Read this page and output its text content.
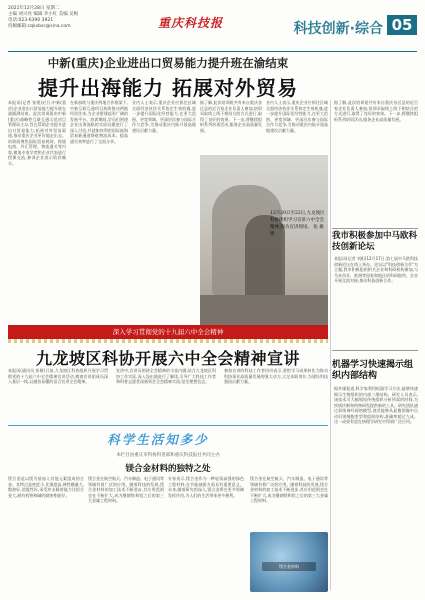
2021年12月28日 星期二
主编 刘兴亮 编辑 李小红 美编 吴梅
电话:023-6390 3921
投稿邮箱:cqkxbsc@sina.com	重庆科技报	科技创新·综合 05
中新(重庆)企业进出口贸易能力提升班在渝结束
提升出海能力 拓展对外贸易
本报讯(记者 张建)近日,中新(重庆)企业进出口贸易能力提升班在渝圆满结束。此次培训班由中新(重庆)战略性互联互通示范项目管理局主办,旨在帮助企业提升进出口贸易能力,拓展对外贸易渠道,推动重庆企业更好地走出去。培训班聚焦国际贸易规则、跨境电商、外汇管理、物流通关等内容,邀请专家学者和企业代表进行授课交流,参训企业表示收获颇丰。
在新加坡与重庆两地合作框架下,中新互联互通项目持续推动两地经贸往来,为企业搭建起更广阔的发展平台。培训期间,学员们围绕企业出海面临的实际问题进行了深入讨论,并就如何利用国际陆海贸易新通道降低物流成本、提高通关效率进行了交流分享。
业内人士表示,重庆企业应抓住区域全面经济伙伴关系协定生效机遇,进一步提升国际化经营能力,在更大范围、更宽领域、更深层次参与国际合作与竞争,为推动重庆内陆开放高地建设贡献力量。
据了解,此次培训班共有来自重庆各区县的近百家企业负责人参加,培训采取线上线下相结合的方式进行,取得了良好的效果。下一步,将继续组织系列培训活动,服务企业高质量发展。
业内人士表示,重庆企业应抓住区域全面经济伙伴关系协定生效机遇,进一步提升国际化经营能力,在更大范围、更宽领域、更深层次参与国际合作与竞争,为推动重庆内陆开放高地建设贡献力量。
12月20日至22日,九龙坡区科协组织学习宣讲六中全会精神,图为宣讲现场。 张 雄 摄
据了解,此次培训班共有来自重庆各区县的近百家企业负责人参加,培训采取线上线下相结合的方式进行,取得了良好的效果。下一步,将继续组织系列培训活动,服务企业高质量发展。
我市积极参加中马欧科技创新论坛
本报讯(记者 刘阳)12月17日,第七届中马欧科技创新论坛在线上举办。论坛以"科技创新合作"为主题,我市积极组织相关企业和科研机构参加,与马来西亚、欧洲等国家和地区的科研院所、企业开展交流对接,推动科技创新合作。
深入学习贯彻党的十九届六中全会精神
九龙坡区科协开展六中全会精神宣讲
本报讯(通讯员 彭敏)日前,九龙坡区科协组织开展学习贯彻党的十九届六中全会精神宣讲活动,邀请宣讲团成员深入基层一线,以通俗易懂的语言宣讲全会精神。
宣讲中,宣讲员围绕全会精神的丰富内涵,结合九龙坡区科协工作实际,深入浅出地进行了解读,引导广大科技工作者和科普志愿者深刻领会全会精神实质,坚定理想信念。
参加宣讲的科技工作者纷纷表示,要把学习成果转化为推动科协事业高质量发展的强大动力,立足本职岗位,为建设科技强国贡献力量。
科学生活知多少
本栏目由重庆市科协科普部和重庆科技报社共同主办
镁合金材料的独特之处
镁合金是以镁为基加入其他元素组成的合金。其特点是密度小,比强度高,弹性模量大,散热好,消震性好,承受冲击载荷能力比铝合金大,耐有机物和碱的腐蚀性能好。
镁合金在航空航天、汽车制造、电子通讯等领域有着广泛的应用。随着科技的发展,镁合金材料的加工技术不断进步,其应用范围也在不断扩大,成为继钢铁和铝之后的第三大金属工程材料。
专家表示,镁合金作为一种轻质高强的绿色工程材料,在节能减排方面具有重要意义。未来,随着研究的深入,镁合金将在更多领域发挥作用,为人们的生活带来更多便利。
镁合金在航空航天、汽车制造、电子通讯等领域有着广泛的应用。随着科技的发展,镁合金材料的加工技术不断进步,其应用范围也在不断扩大,成为继钢铁和铝之后的第三大金属工程材料。
镁合金材料
机器学习快速揭示组织内部结构
据外媒报道,科学家利用机器学习方法,能够快速揭示生物组织的内部三维结构。研究人员表示,该技术可大幅缩短传统组织分析所需的时间,为疾病诊断和药物研发提供新的工具。研究团队通过训练神经网络模型,使其能够从显微图像中自动识别细胞类型和组织结构,准确率超过九成。这一成果有望在病理学研究中得到广泛应用。
